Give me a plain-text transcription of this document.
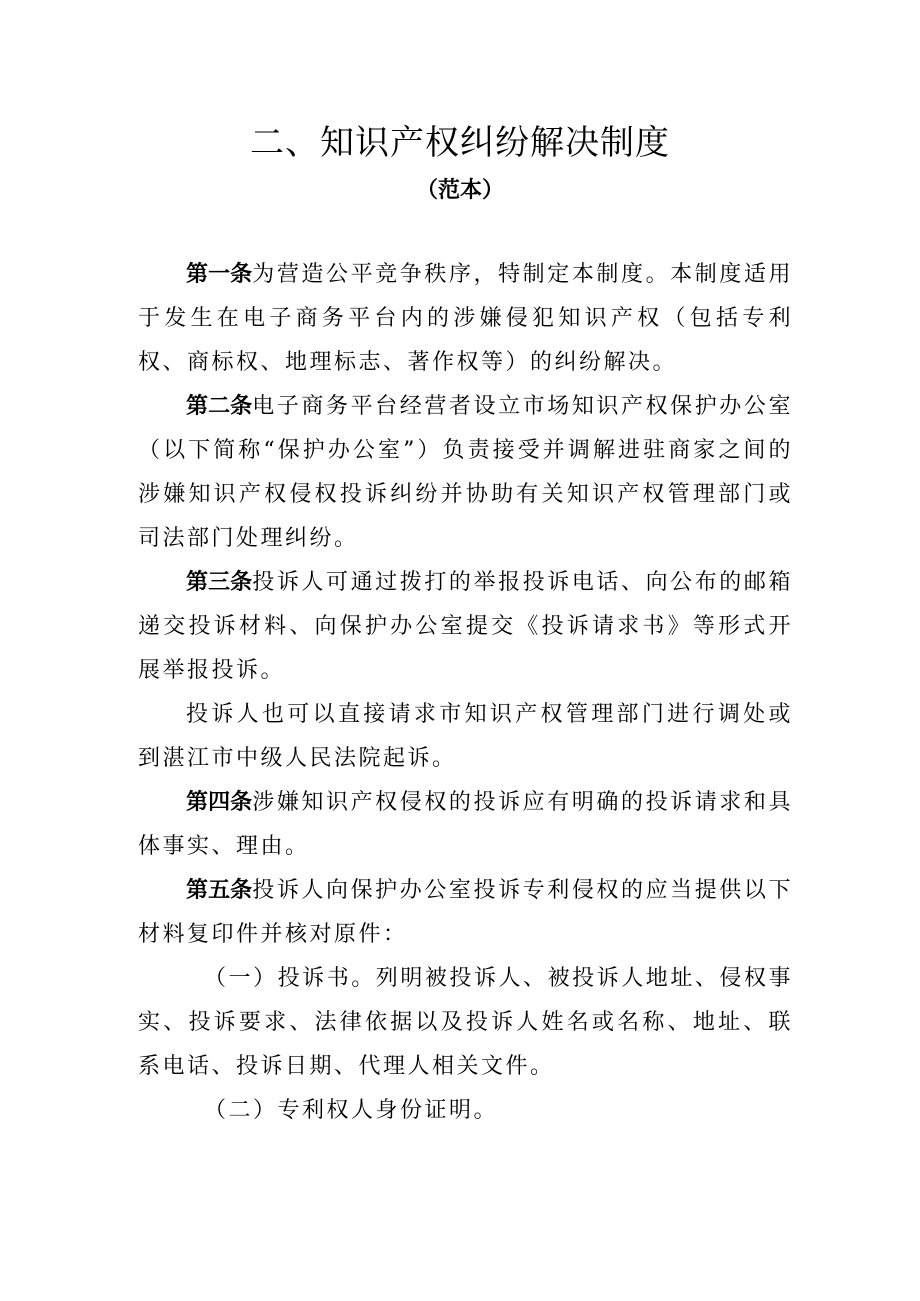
二、知识产权纠纷解决制度
（范本）

第一条为营造公平竞争秩序，特制定本制度。本制度适用于发生在电子商务平台内的涉嫌侵犯知识产权（包括专利权、商标权、地理标志、著作权等）的纠纷解决。

第二条电子商务平台经营者设立市场知识产权保护办公室（以下简称“保护办公室”）负责接受并调解进驻商家之间的涉嫌知识产权侵权投诉纠纷并协助有关知识产权管理部门或司法部门处理纠纷。

第三条投诉人可通过拨打的举报投诉电话、向公布的邮箱递交投诉材料、向保护办公室提交《投诉请求书》等形式开展举报投诉。

投诉人也可以直接请求市知识产权管理部门进行调处或到湛江市中级人民法院起诉。

第四条涉嫌知识产权侵权的投诉应有明确的投诉请求和具体事实、理由。

第五条投诉人向保护办公室投诉专利侵权的应当提供以下材料复印件并核对原件：

（一）投诉书。列明被投诉人、被投诉人地址、侵权事实、投诉要求、法律依据以及投诉人姓名或名称、地址、联系电话、投诉日期、代理人相关文件。

（二）专利权人身份证明。
